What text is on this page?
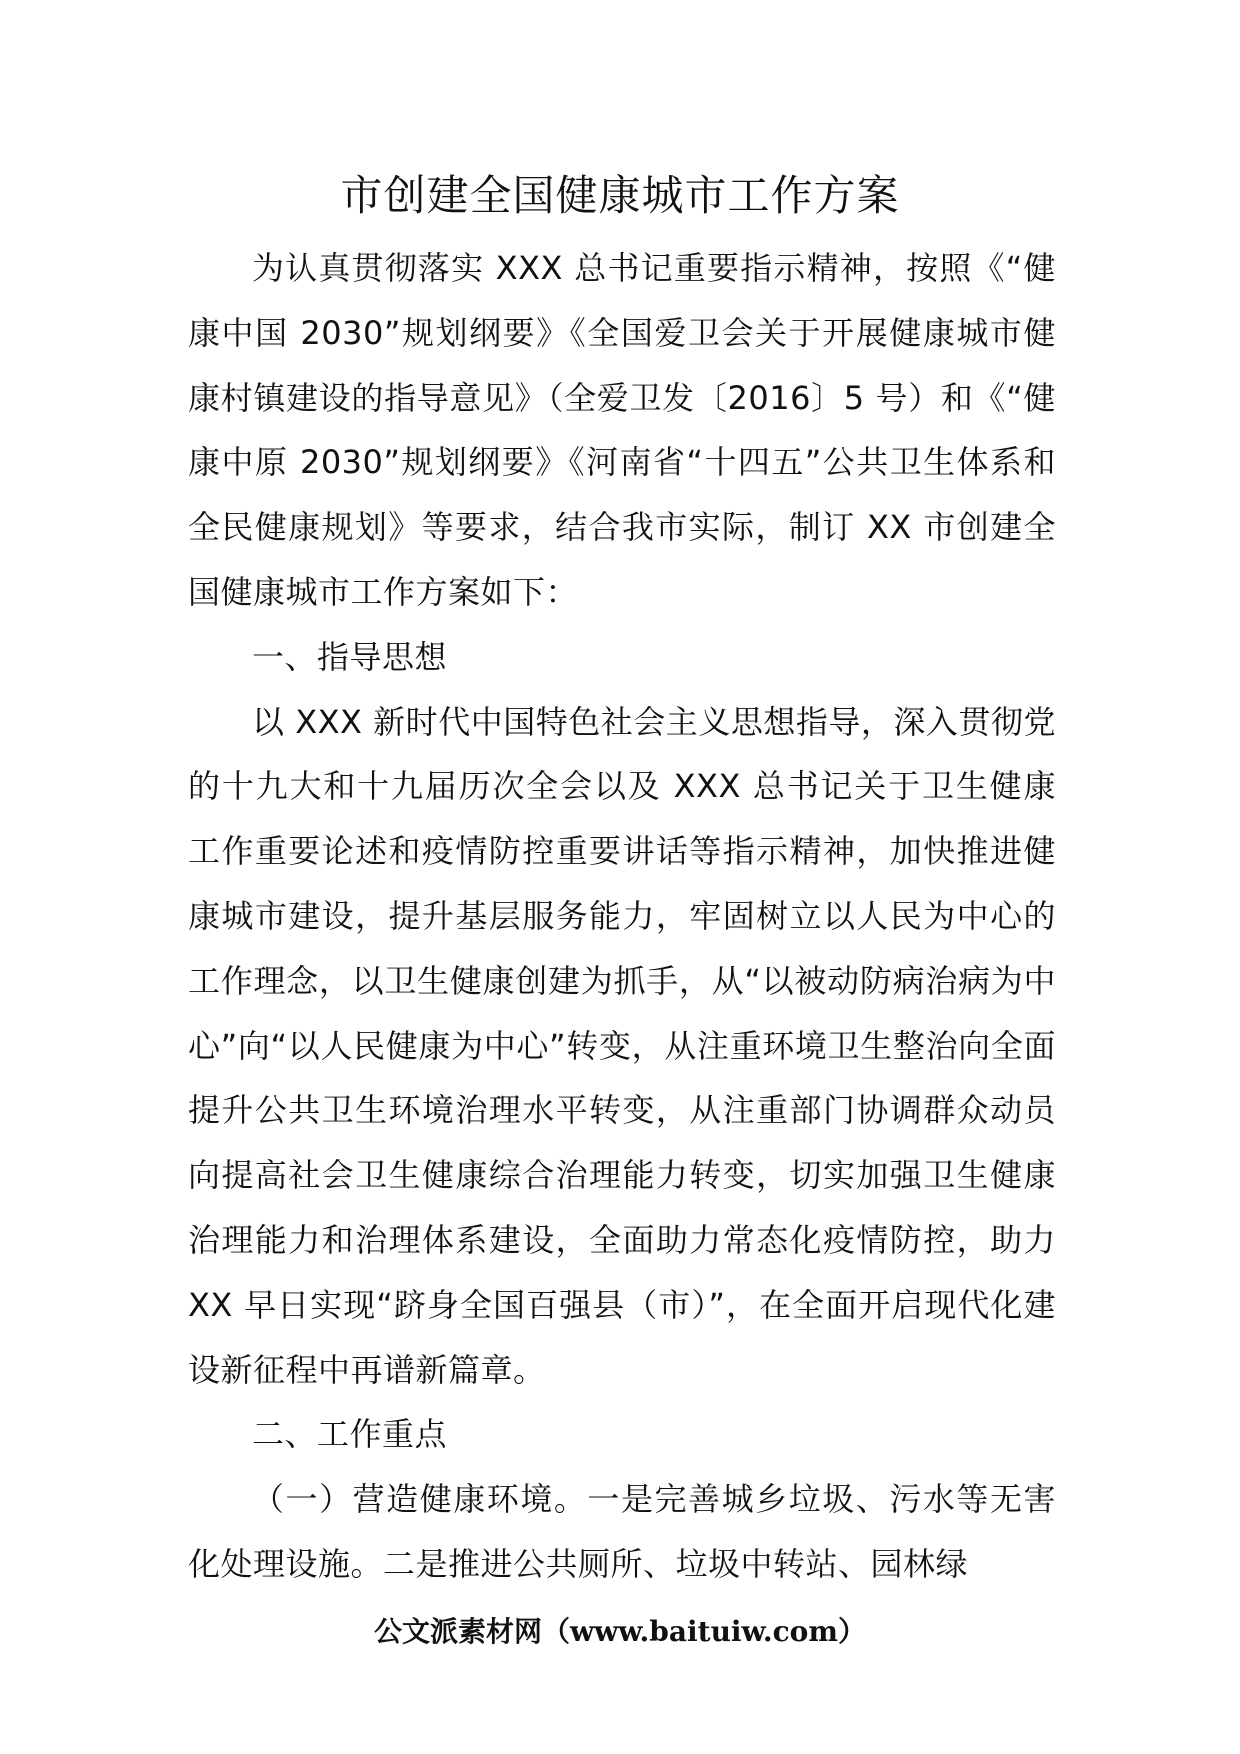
市创建全国健康城市工作方案

为认真贯彻落实 XXX 总书记重要指示精神，按照《“健康中国 2030”规划纲要》《全国爱卫会关于开展健康城市健康村镇建设的指导意见》（全爱卫发〔2016〕5 号）和《“健康中原 2030”规划纲要》《河南省“十四五”公共卫生体系和全民健康规划》等要求，结合我市实际，制订 XX 市创建全国健康城市工作方案如下：

一、指导思想

以 XXX 新时代中国特色社会主义思想指导，深入贯彻党的十九大和十九届历次全会以及 XXX 总书记关于卫生健康工作重要论述和疫情防控重要讲话等指示精神，加快推进健康城市建设，提升基层服务能力，牢固树立以人民为中心的工作理念，以卫生健康创建为抓手，从“以被动防病治病为中心”向“以人民健康为中心”转变，从注重环境卫生整治向全面提升公共卫生环境治理水平转变，从注重部门协调群众动员向提高社会卫生健康综合治理能力转变，切实加强卫生健康治理能力和治理体系建设，全面助力常态化疫情防控，助力 XX 早日实现“跻身全国百强县（市）”，在全面开启现代化建设新征程中再谱新篇章。

二、工作重点

（一）营造健康环境。一是完善城乡垃圾、污水等无害化处理设施。二是推进公共厕所、垃圾中转站、园林绿

公文派素材网（www.baituiw.com）
